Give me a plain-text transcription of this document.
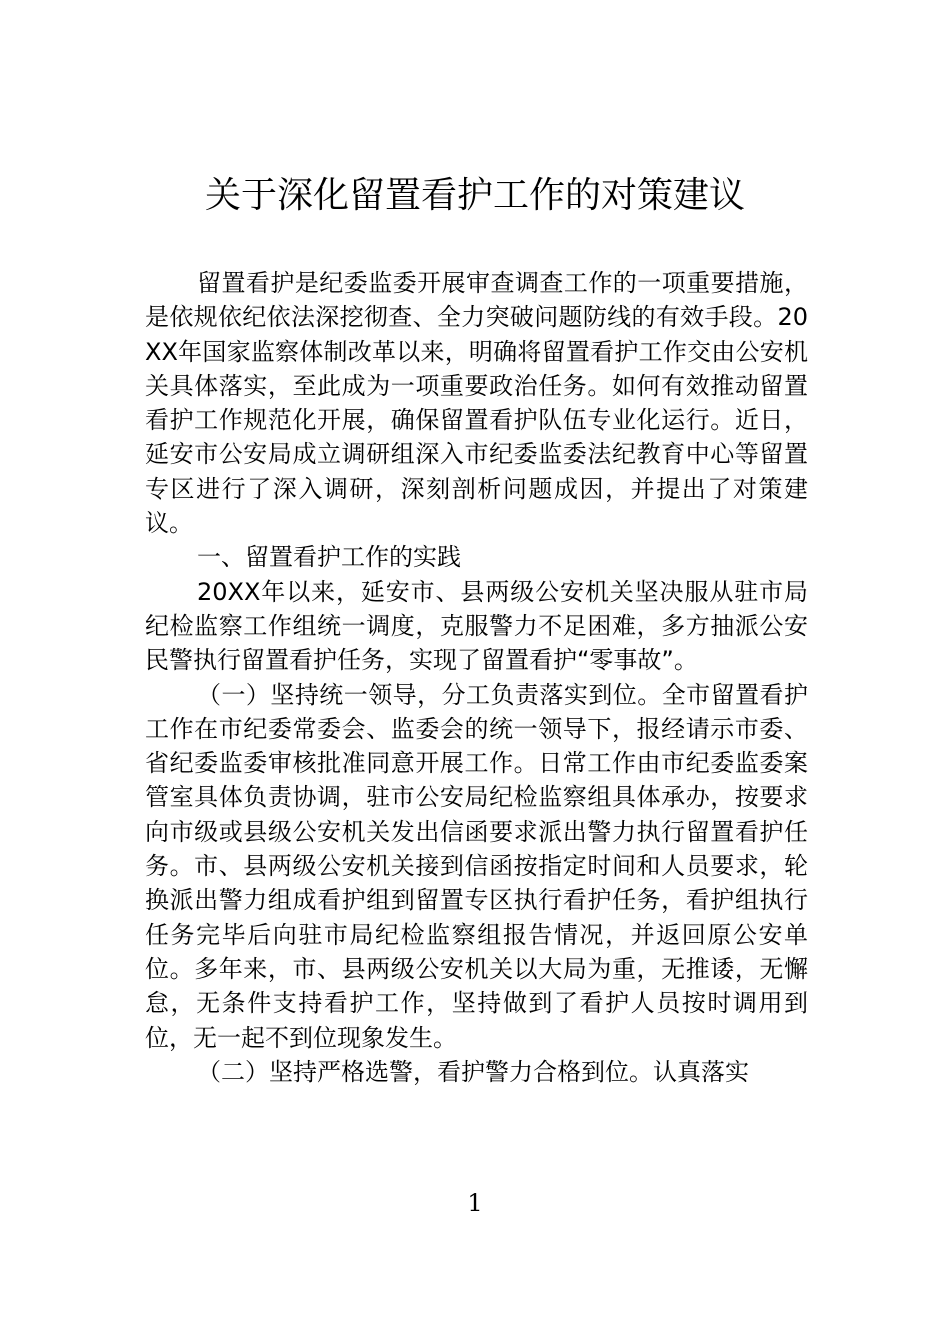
关于深化留置看护工作的对策建议

留置看护是纪委监委开展审查调查工作的一项重要措施，是依规依纪依法深挖彻查、全力突破问题防线的有效手段。20XX年国家监察体制改革以来，明确将留置看护工作交由公安机关具体落实，至此成为一项重要政治任务。如何有效推动留置看护工作规范化开展，确保留置看护队伍专业化运行。近日，延安市公安局成立调研组深入市纪委监委法纪教育中心等留置专区进行了深入调研，深刻剖析问题成因，并提出了对策建议。

一、留置看护工作的实践

20XX年以来，延安市、县两级公安机关坚决服从驻市局纪检监察工作组统一调度，克服警力不足困难，多方抽派公安民警执行留置看护任务，实现了留置看护“零事故”。

（一）坚持统一领导，分工负责落实到位。全市留置看护工作在市纪委常委会、监委会的统一领导下，报经请示市委、省纪委监委审核批准同意开展工作。日常工作由市纪委监委案管室具体负责协调，驻市公安局纪检监察组具体承办，按要求向市级或县级公安机关发出信函要求派出警力执行留置看护任务。市、县两级公安机关接到信函按指定时间和人员要求，轮换派出警力组成看护组到留置专区执行看护任务，看护组执行任务完毕后向驻市局纪检监察组报告情况，并返回原公安单位。多年来，市、县两级公安机关以大局为重，无推诿，无懈怠，无条件支持看护工作，坚持做到了看护人员按时调用到位，无一起不到位现象发生。

（二）坚持严格选警，看护警力合格到位。认真落实

1
